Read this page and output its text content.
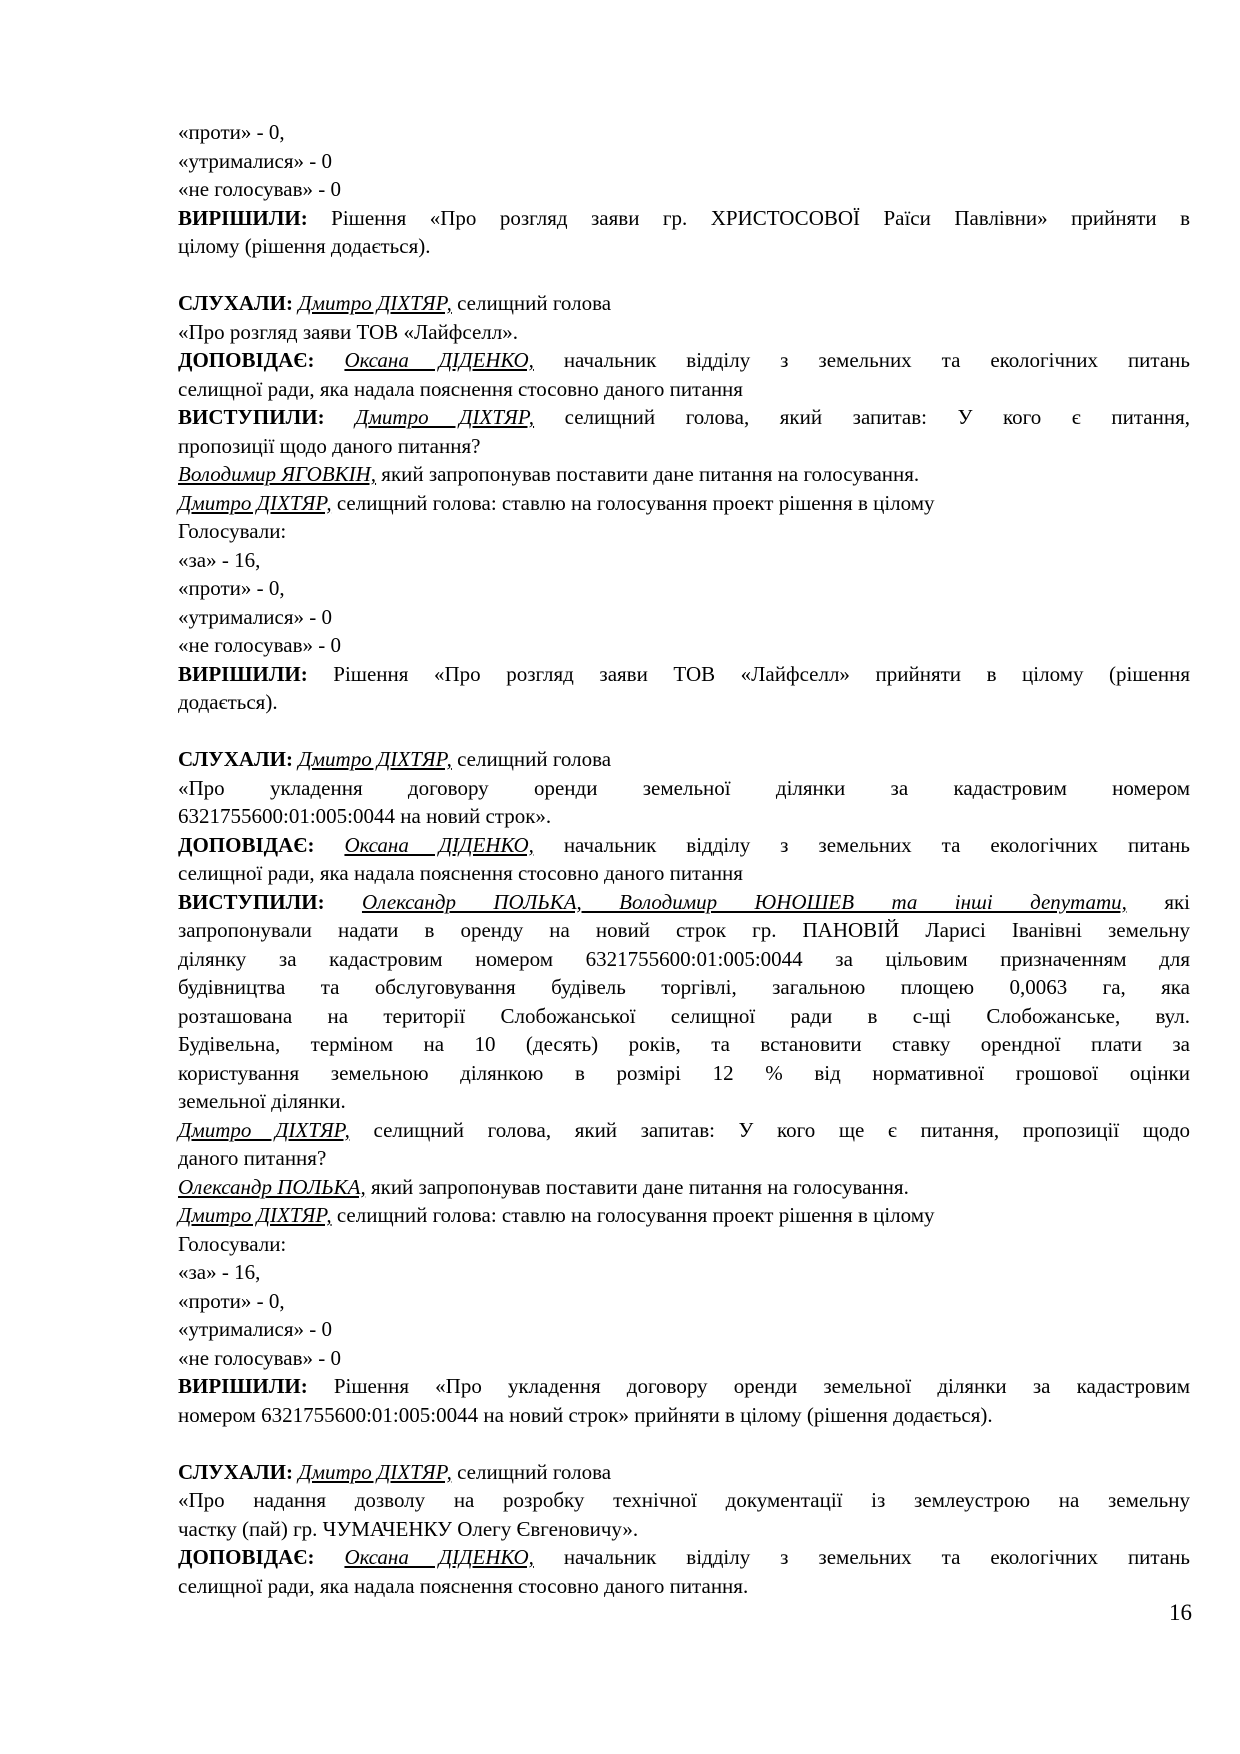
«проти» - 0,
«утрималися» - 0
«не голосував» - 0
ВИРІШИЛИ: Рішення «Про розгляд заяви гр. ХРИСТОСОВОЇ Раїси Павлівни» прийняти в
цілому (рішення додається).
СЛУХАЛИ: Дмитро ДІХТЯР, селищний голова
«Про розгляд заяви ТОВ «Лайфселл».
ДОПОВІДАЄ: Оксана ДІДЕНКО, начальник відділу з земельних та екологічних питань
селищної ради, яка надала пояснення стосовно даного питання
ВИСТУПИЛИ: Дмитро ДІХТЯР, селищний голова, який запитав: У кого є питання,
пропозиції щодо даного питання?
Володимир ЯГОВКІН, який запропонував поставити дане питання на голосування.
Дмитро ДІХТЯР, селищний голова: ставлю на голосування проект рішення в цілому
Голосували:
«за» - 16,
«проти» - 0,
«утрималися» - 0
«не голосував» - 0
ВИРІШИЛИ: Рішення «Про розгляд заяви ТОВ «Лайфселл» прийняти в цілому (рішення
додається).
СЛУХАЛИ: Дмитро ДІХТЯР, селищний голова
«Про укладення договору оренди земельної ділянки за кадастровим номером
6321755600:01:005:0044 на новий строк».
ДОПОВІДАЄ: Оксана ДІДЕНКО, начальник відділу з земельних та екологічних питань
селищної ради, яка надала пояснення стосовно даного питання
ВИСТУПИЛИ: Олександр ПОЛЬКА, Володимир ЮНОШЕВ та інші депутати, які
запропонували надати в оренду на новий строк гр. ПАНОВІЙ Ларисі Іванівні земельну
ділянку за кадастровим номером 6321755600:01:005:0044 за цільовим призначенням для
будівництва та обслуговування будівель торгівлі, загальною площею 0,0063 га, яка
розташована на території Слобожанської селищної ради в с-щі Слобожанське, вул.
Будівельна, терміном на 10 (десять) років, та встановити ставку орендної плати за
користування земельною ділянкою в розмірі 12 % від нормативної грошової оцінки
земельної ділянки.
Дмитро ДІХТЯР, селищний голова, який запитав: У кого ще є питання, пропозиції щодо
даного питання?
Олександр ПОЛЬКА, який запропонував поставити дане питання на голосування.
Дмитро ДІХТЯР, селищний голова: ставлю на голосування проект рішення в цілому
Голосували:
«за» - 16,
«проти» - 0,
«утрималися» - 0
«не голосував» - 0
ВИРІШИЛИ: Рішення «Про укладення договору оренди земельної ділянки за кадастровим
номером 6321755600:01:005:0044 на новий строк» прийняти в цілому (рішення додається).
СЛУХАЛИ: Дмитро ДІХТЯР, селищний голова
«Про надання дозволу на розробку технічної документації із землеустрою на земельну
частку (пай) гр. ЧУМАЧЕНКУ Олегу Євгеновичу».
ДОПОВІДАЄ: Оксана ДІДЕНКО, начальник відділу з земельних та екологічних питань
селищної ради, яка надала пояснення стосовно даного питання.
16
